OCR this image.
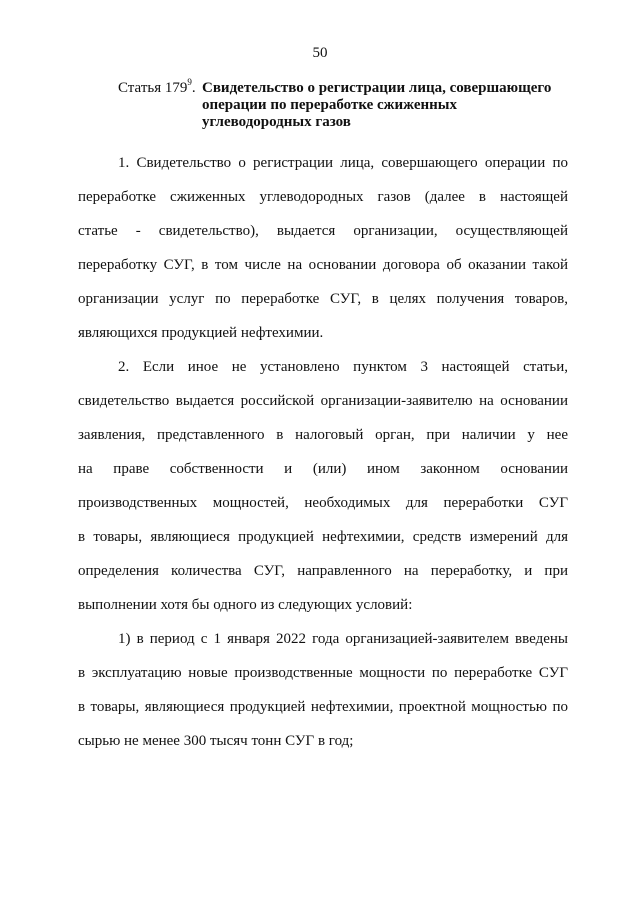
50
Статья $179^9$. Свидетельство о регистрации лица, совершающего
операции по переработке сжиженных
углеводородных газов

1. Свидетельство о регистрации лица, совершающего операции по
переработке сжиженных углеводородных газов (далее в настоящей
статье - свидетельство), выдается организации, осуществляющей
переработку СУГ, в том числе на основании договора об оказании такой
организации услуг по переработке СУГ, в целях получения товаров,
являющихся продукцией нефтехимии.

2. Если иное не установлено пунктом 3 настоящей статьи,
свидетельство выдается российской организации-заявителю на основании
заявления, представленного в налоговый орган, при наличии у нее
на праве собственности и (или) ином законном основании
производственных мощностей, необходимых для переработки СУГ
в товары, являющиеся продукцией нефтехимии, средств измерений для
определения количества СУГ, направленного на переработку, и при
выполнении хотя бы одного из следующих условий:

1) в период с 1 января 2022 года организацией-заявителем введены
в эксплуатацию новые производственные мощности по переработке СУГ
в товары, являющиеся продукцией нефтехимии, проектной мощностью по
сырью не менее 300 тысяч тонн СУГ в год;
